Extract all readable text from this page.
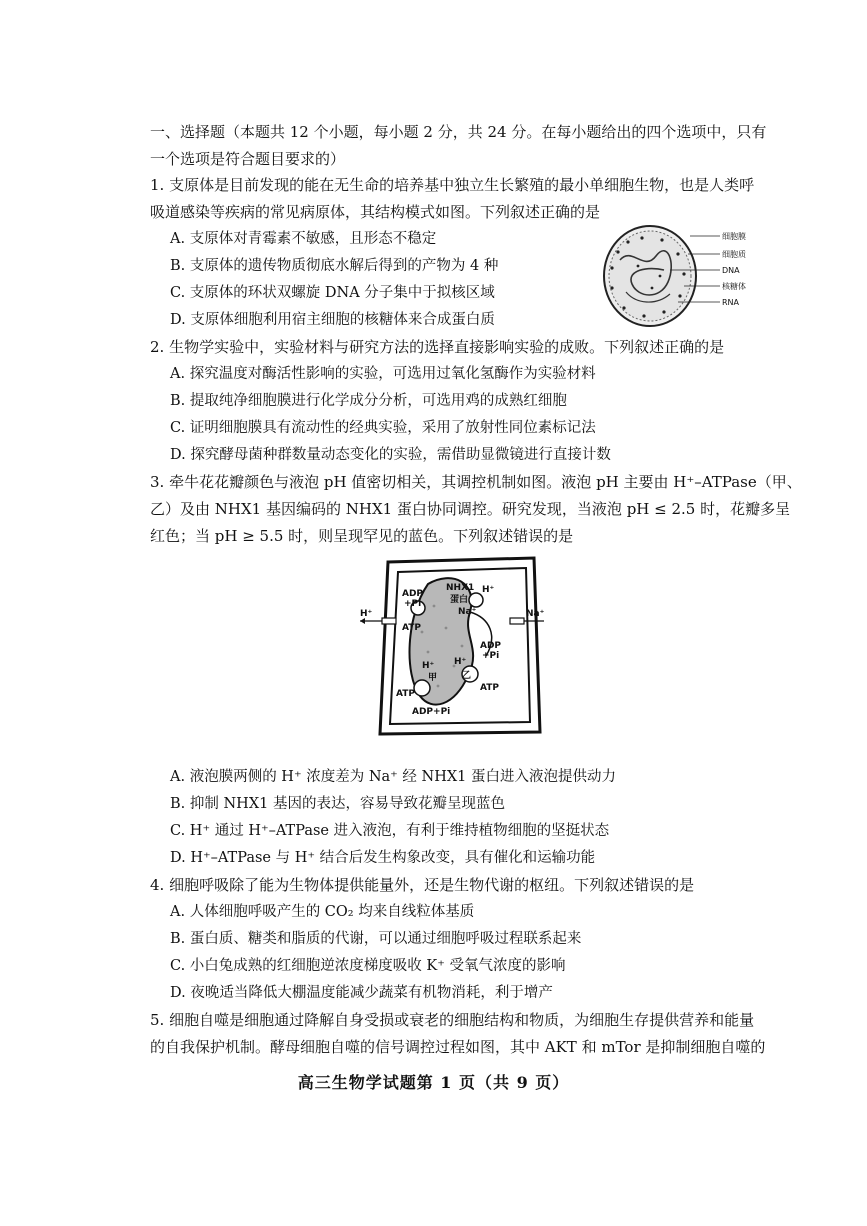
一、选择题（本题共 12 个小题，每小题 2 分，共 24 分。在每小题给出的四个选项中，只有
一个选项是符合题目要求的）
1. 支原体是目前发现的能在无生命的培养基中独立生长繁殖的最小单细胞生物，也是人类呼
吸道感染等疾病的常见病原体，其结构模式如图。下列叙述正确的是
A. 支原体对青霉素不敏感，且形态不稳定
B. 支原体的遗传物质彻底水解后得到的产物为 4 种
C. 支原体的环状双螺旋 DNA 分子集中于拟核区域
D. 支原体细胞利用宿主细胞的核糖体来合成蛋白质
细胞膜
细胞质
DNA
核糖体
RNA
2. 生物学实验中，实验材料与研究方法的选择直接影响实验的成败。下列叙述正确的是
A. 探究温度对酶活性影响的实验，可选用过氧化氢酶作为实验材料
B. 提取纯净细胞膜进行化学成分分析，可选用鸡的成熟红细胞
C. 证明细胞膜具有流动性的经典实验，采用了放射性同位素标记法
D. 探究酵母菌种群数量动态变化的实验，需借助显微镜进行直接计数
3. 牵牛花花瓣颜色与液泡 pH 值密切相关，其调控机制如图。液泡 pH 主要由 H⁺–ATPase（甲、
乙）及由 NHX1 基因编码的 NHX1 蛋白协同调控。研究发现，当液泡 pH ≤ 2.5 时，花瓣多呈
红色；当 pH ≥ 5.5 时，则呈现罕见的蓝色。下列叙述错误的是
H⁺
ADP
+Pi
ATP
NHX1
蛋白
Na⁺
H⁺
Na⁺
ADP
+Pi
H⁺ H⁺
甲	乙
ATP
ATP
ADP+Pi
A. 液泡膜两侧的 H⁺ 浓度差为 Na⁺ 经 NHX1 蛋白进入液泡提供动力
B. 抑制 NHX1 基因的表达，容易导致花瓣呈现蓝色
C. H⁺ 通过 H⁺–ATPase 进入液泡，有利于维持植物细胞的坚挺状态
D. H⁺–ATPase 与 H⁺ 结合后发生构象改变，具有催化和运输功能
4. 细胞呼吸除了能为生物体提供能量外，还是生物代谢的枢纽。下列叙述错误的是
A. 人体细胞呼吸产生的 CO₂ 均来自线粒体基质
B. 蛋白质、糖类和脂质的代谢，可以通过细胞呼吸过程联系起来
C. 小白兔成熟的红细胞逆浓度梯度吸收 K⁺ 受氧气浓度的影响
D. 夜晚适当降低大棚温度能减少蔬菜有机物消耗，利于增产
5. 细胞自噬是细胞通过降解自身受损或衰老的细胞结构和物质，为细胞生存提供营养和能量
的自我保护机制。酵母细胞自噬的信号调控过程如图，其中 AKT 和 mTor 是抑制细胞自噬的
高三生物学试题第 1 页（共 9 页）
